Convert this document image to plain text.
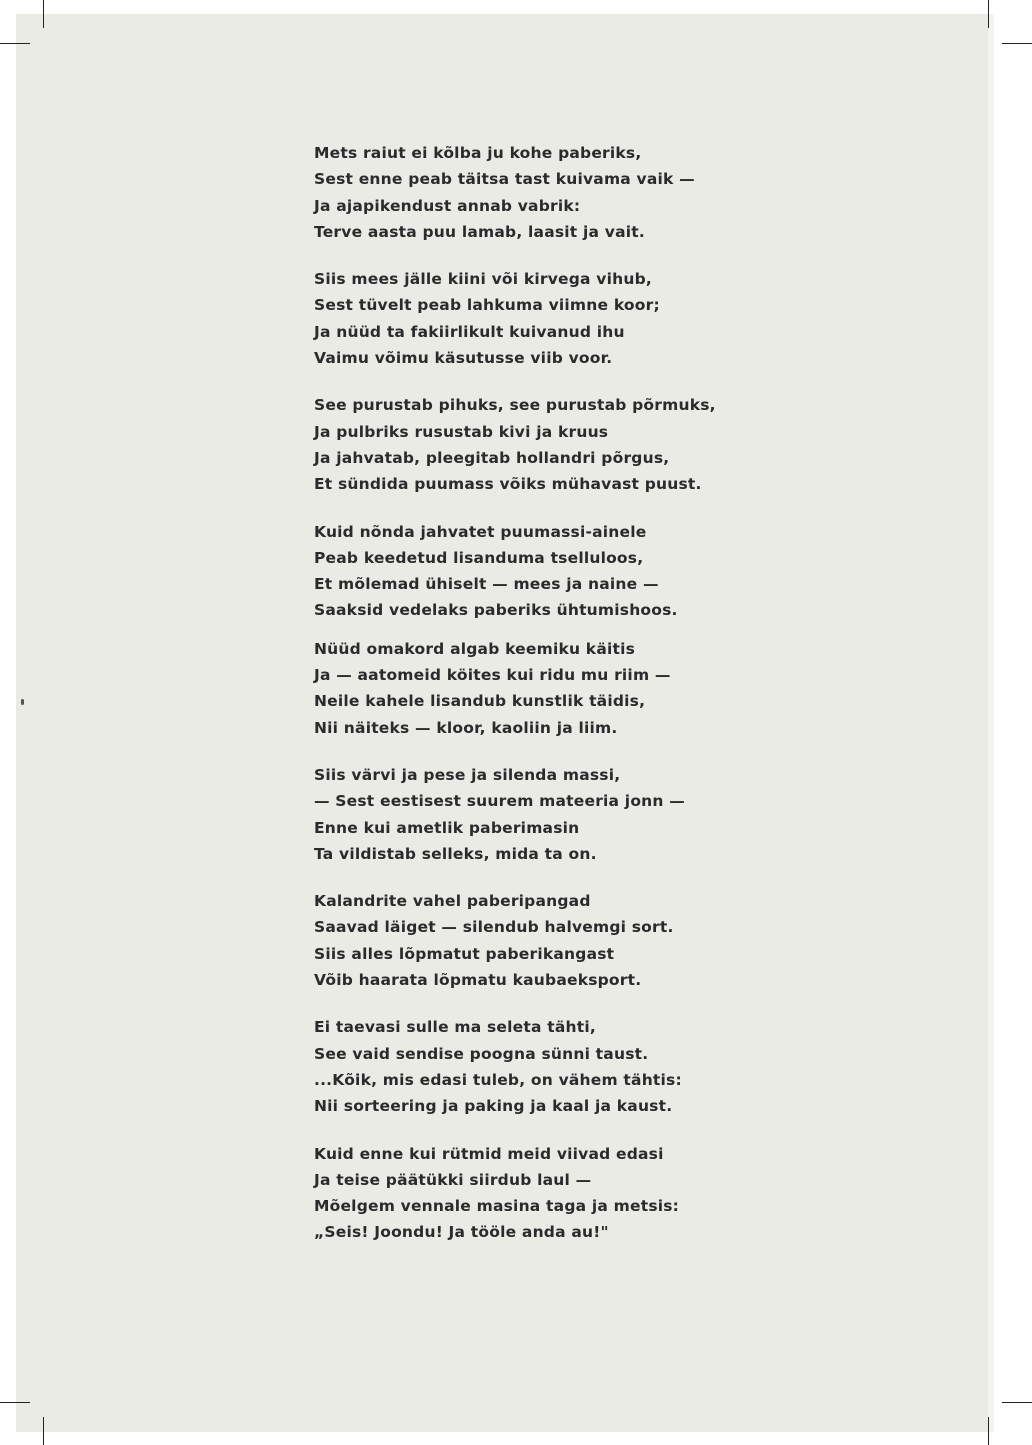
Mets raiut ei kõlba ju kohe paberiks,
Sest enne peab täitsa tast kuivama vaik —
Ja ajapikendust annab vabrik:
Terve aasta puu lamab, laasit ja vait.
Siis mees jälle kiini või kirvega vihub,
Sest tüvelt peab lahkuma viimne koor;
Ja nüüd ta fakiirlikult kuivanud ihu
Vaimu võimu käsutusse viib voor.
See purustab pihuks, see purustab põrmuks,
Ja pulbriks rusustab kivi ja kruus
Ja jahvatab, pleegitab hollandri põrgus,
Et sündida puumass võiks mühavast puust.
Kuid nõnda jahvatet puumassi-ainele
Peab keedetud lisanduma tselluloos,
Et mõlemad ühiselt — mees ja naine —
Saaksid vedelaks paberiks ühtumishoos.
Nüüd omakord algab keemiku käitis
Ja — aatomeid köites kui ridu mu riim —
Neile kahele lisandub kunstlik täidis,
Nii näiteks — kloor, kaoliin ja liim.
Siis värvi ja pese ja silenda massi,
— Sest eestisest suurem mateeria jonn —
Enne kui ametlik paberimasin
Ta vildistab selleks, mida ta on.
Kalandrite vahel paberipangad
Saavad läiget — silendub halvemgi sort.
Siis alles lõpmatut paberikangast
Võib haarata lõpmatu kaubaeksport.
Ei taevasi sulle ma seleta tähti,
See vaid sendise poogna sünni taust.
...Kõik, mis edasi tuleb, on vähem tähtis:
Nii sorteering ja paking ja kaal ja kaust.
Kuid enne kui rütmid meid viivad edasi
Ja teise päätükki siirdub laul —
Mõelgem vennale masina taga ja metsis:
„Seis! Joondu! Ja tööle anda au!"
